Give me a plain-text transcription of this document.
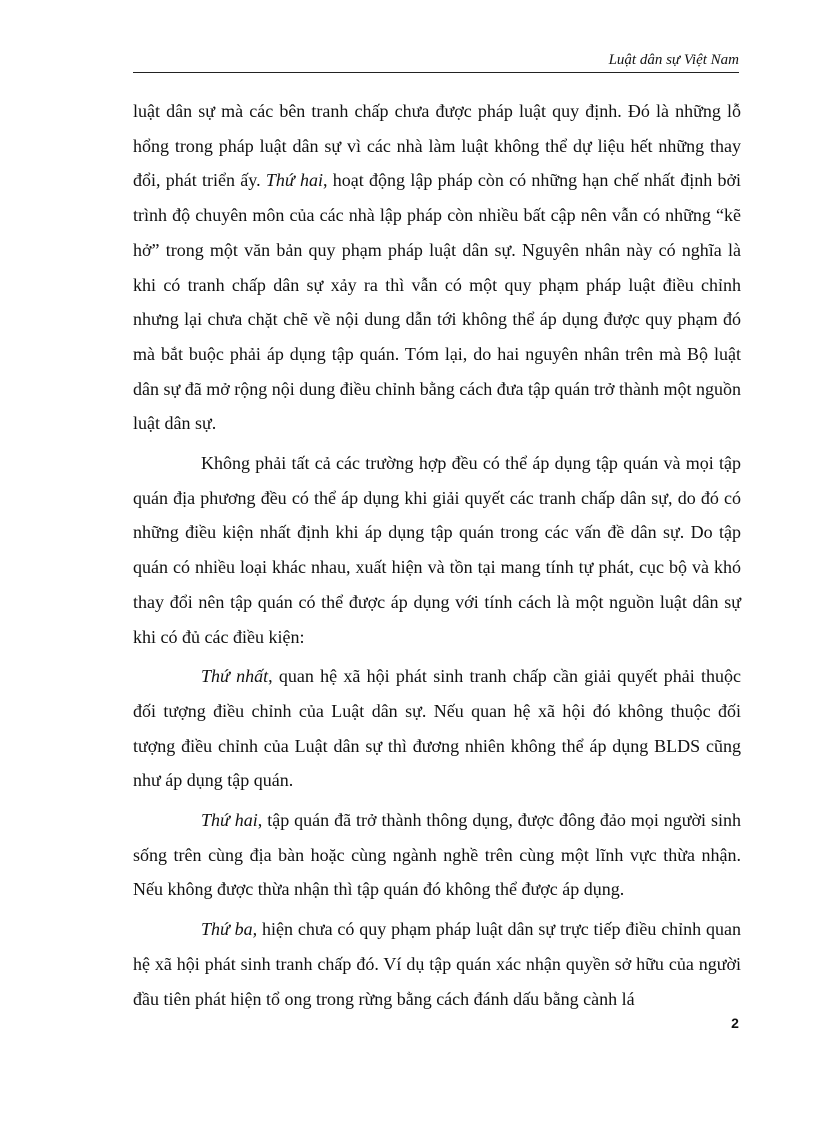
Luật dân sự Việt Nam

luật dân sự mà các bên tranh chấp chưa được pháp luật quy định. Đó là những lỗ hổng trong pháp luật dân sự vì các nhà làm luật không thể dự liệu hết những thay đổi, phát triển ấy. Thứ hai, hoạt động lập pháp còn có những hạn chế nhất định bởi trình độ chuyên môn của các nhà lập pháp còn nhiều bất cập nên vẫn có những “kẽ hở” trong một văn bản quy phạm pháp luật dân sự. Nguyên nhân này có nghĩa là khi có tranh chấp dân sự xảy ra thì vẫn có một quy phạm pháp luật điều chỉnh nhưng lại chưa chặt chẽ về nội dung dẫn tới không thể áp dụng được quy phạm đó mà bắt buộc phải áp dụng tập quán. Tóm lại, do hai nguyên nhân trên mà Bộ luật dân sự đã mở rộng nội dung điều chỉnh bằng cách đưa tập quán trở thành một nguồn luật dân sự.

Không phải tất cả các trường hợp đều có thể áp dụng tập quán và mọi tập quán địa phương đều có thể áp dụng khi giải quyết các tranh chấp dân sự, do đó có những điều kiện nhất định khi áp dụng tập quán trong các vấn đề dân sự. Do tập quán có nhiều loại khác nhau, xuất hiện và tồn tại mang tính tự phát, cục bộ và khó thay đổi nên tập quán có thể được áp dụng với tính cách là một nguồn luật dân sự khi có đủ các điều kiện:

Thứ nhất, quan hệ xã hội phát sinh tranh chấp cần giải quyết phải thuộc đối tượng điều chỉnh của Luật dân sự. Nếu quan hệ xã hội đó không thuộc đối tượng điều chỉnh của Luật dân sự thì đương nhiên không thể áp dụng BLDS cũng như áp dụng tập quán.

Thứ hai, tập quán đã trở thành thông dụng, được đông đảo mọi người sinh sống trên cùng địa bàn hoặc cùng ngành nghề trên cùng một lĩnh vực thừa nhận. Nếu không được thừa nhận thì tập quán đó không thể được áp dụng.

Thứ ba, hiện chưa có quy phạm pháp luật dân sự trực tiếp điều chỉnh quan hệ xã hội phát sinh tranh chấp đó. Ví dụ tập quán xác nhận quyền sở hữu của người đầu tiên phát hiện tổ ong trong rừng bằng cách đánh dấu bằng cành lá

2
